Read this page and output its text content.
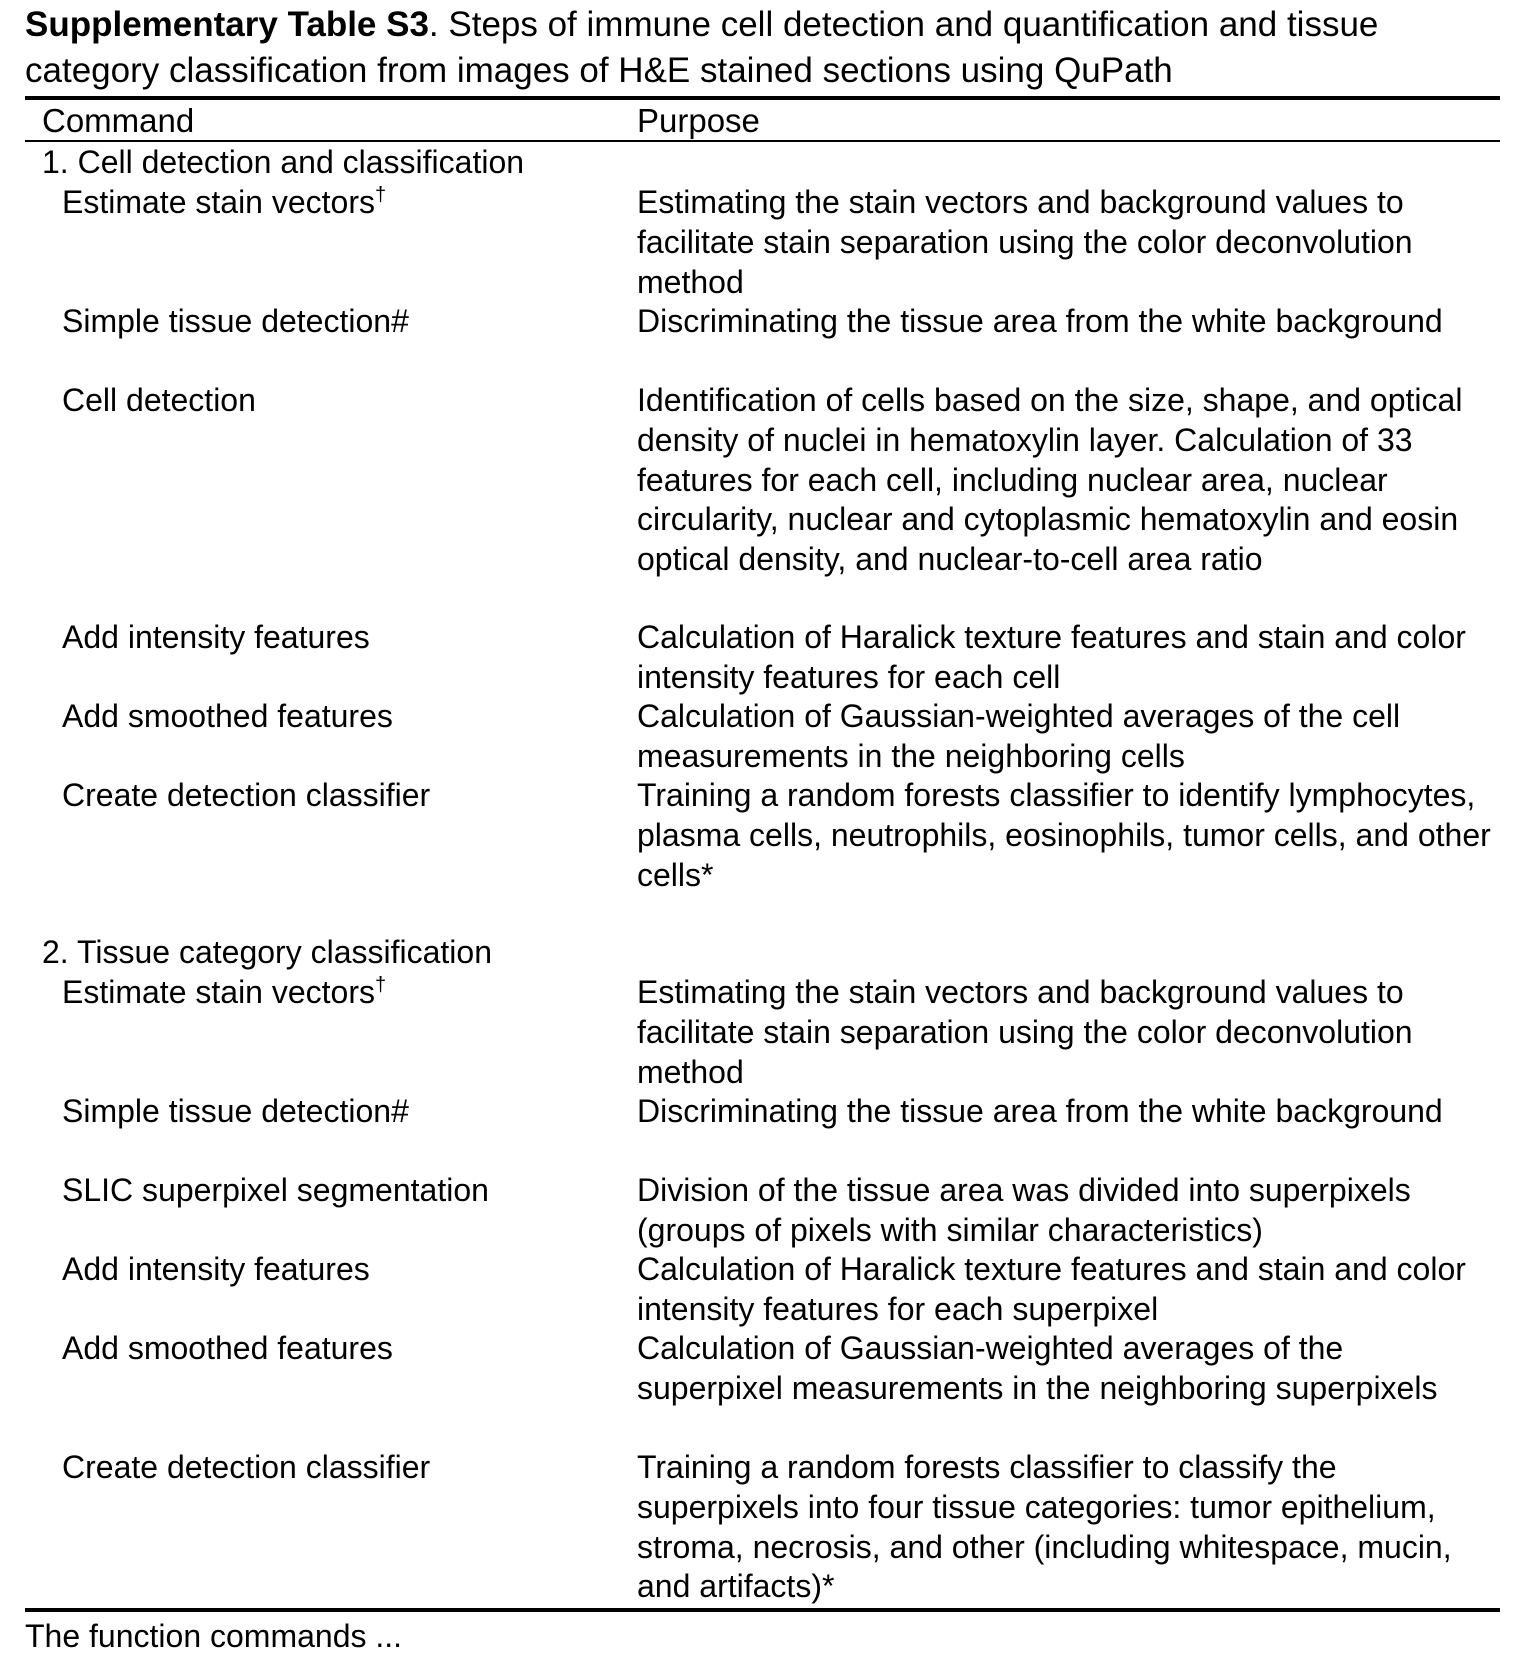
Supplementary Table S3. Steps of immune cell detection and quantification and tissue category classification from images of H&E stained sections using QuPath
Command	Purpose
1. Cell detection and classification
Estimate stain vectors†	Estimating the stain vectors and background values to facilitate stain separation using the color deconvolution method
Simple tissue detection#	Discriminating the tissue area from the white background
Cell detection	Identification of cells based on the size, shape, and optical density of nuclei in hematoxylin layer. Calculation of 33 features for each cell, including nuclear area, nuclear circularity, nuclear and cytoplasmic hematoxylin and eosin optical density, and nuclear-to-cell area ratio
Add intensity features	Calculation of Haralick texture features and stain and color intensity features for each cell
Add smoothed features	Calculation of Gaussian-weighted averages of the cell measurements in the neighboring cells
Create detection classifier	Training a random forests classifier to identify lymphocytes, plasma cells, neutrophils, eosinophils, tumor cells, and other cells*
2. Tissue category classification
Estimate stain vectors†	Estimating the stain vectors and background values to facilitate stain separation using the color deconvolution method
Simple tissue detection#	Discriminating the tissue area from the white background
SLIC superpixel segmentation	Division of the tissue area was divided into superpixels (groups of pixels with similar characteristics)
Add intensity features	Calculation of Haralick texture features and stain and color intensity features for each superpixel
Add smoothed features	Calculation of Gaussian-weighted averages of the superpixel measurements in the neighboring superpixels
Create detection classifier	Training a random forests classifier to classify the superpixels into four tissue categories: tumor epithelium, stroma, necrosis, and other (including whitespace, mucin, and artifacts)*
The function commands ...
